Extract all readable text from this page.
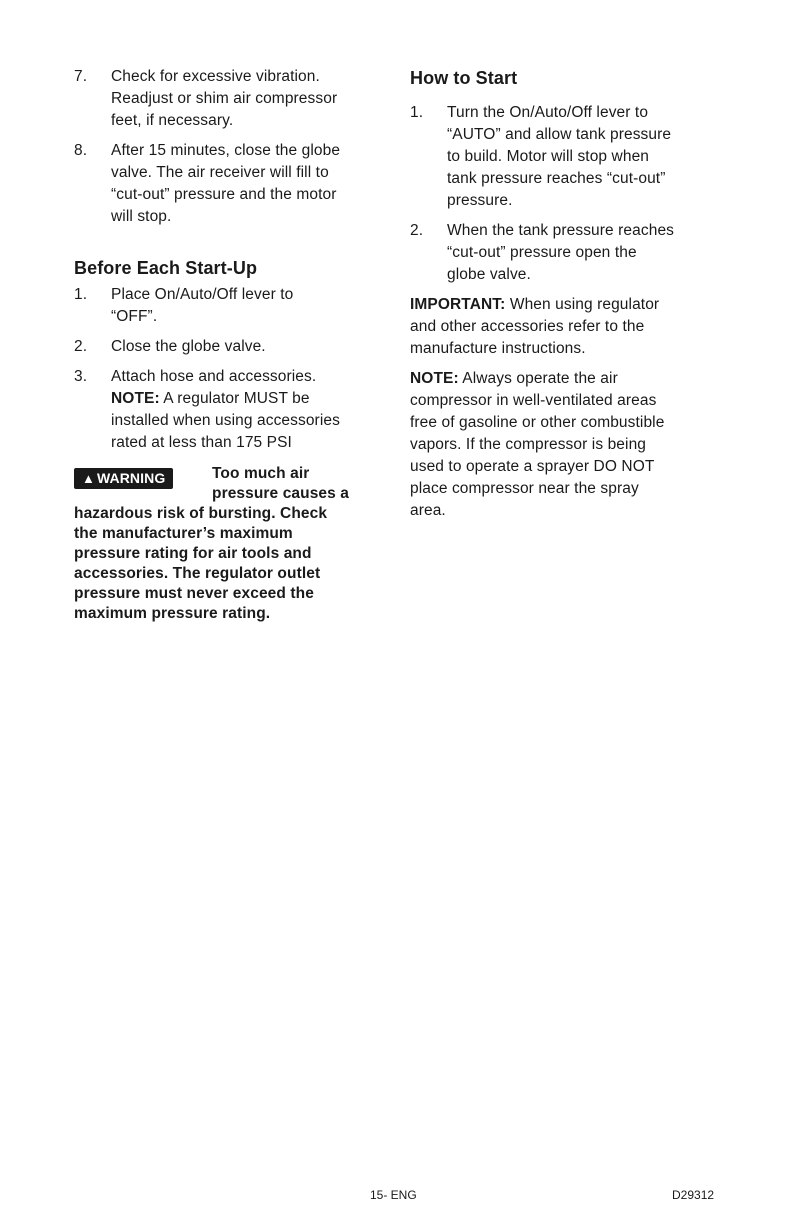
7. Check for excessive vibration.
Readjust or shim air compressor
feet, if necessary.
8. After 15 minutes, close the globe
valve. The air receiver will fill to
“cut-out” pressure and the motor
will stop.
Before Each Start-Up
1. Place On/Auto/Off lever to
“OFF”.
2. Close the globe valve.
3. Attach hose and accessories.
NOTE: A regulator MUST be
installed when using accessories
rated at less than 175 PSI
▲ WARNING	Too much air
pressure causes a
hazardous risk of bursting. Check
the manufacturer’s maximum
pressure rating for air tools and
accessories. The regulator outlet
pressure must never exceed the
maximum pressure rating.
How to Start
1. Turn the On/Auto/Off lever to
“AUTO” and allow tank pressure
to build. Motor will stop when
tank pressure reaches “cut-out”
pressure.
2. When the tank pressure reaches
“cut-out” pressure open the
globe valve.
IMPORTANT: When using regulator
and other accessories refer to the
manufacture instructions.
NOTE: Always operate the air
compressor in well-ventilated areas
free of gasoline or other combustible
vapors. If the compressor is being
used to operate a sprayer DO NOT
place compressor near the spray
area.
15- ENG	D29312
